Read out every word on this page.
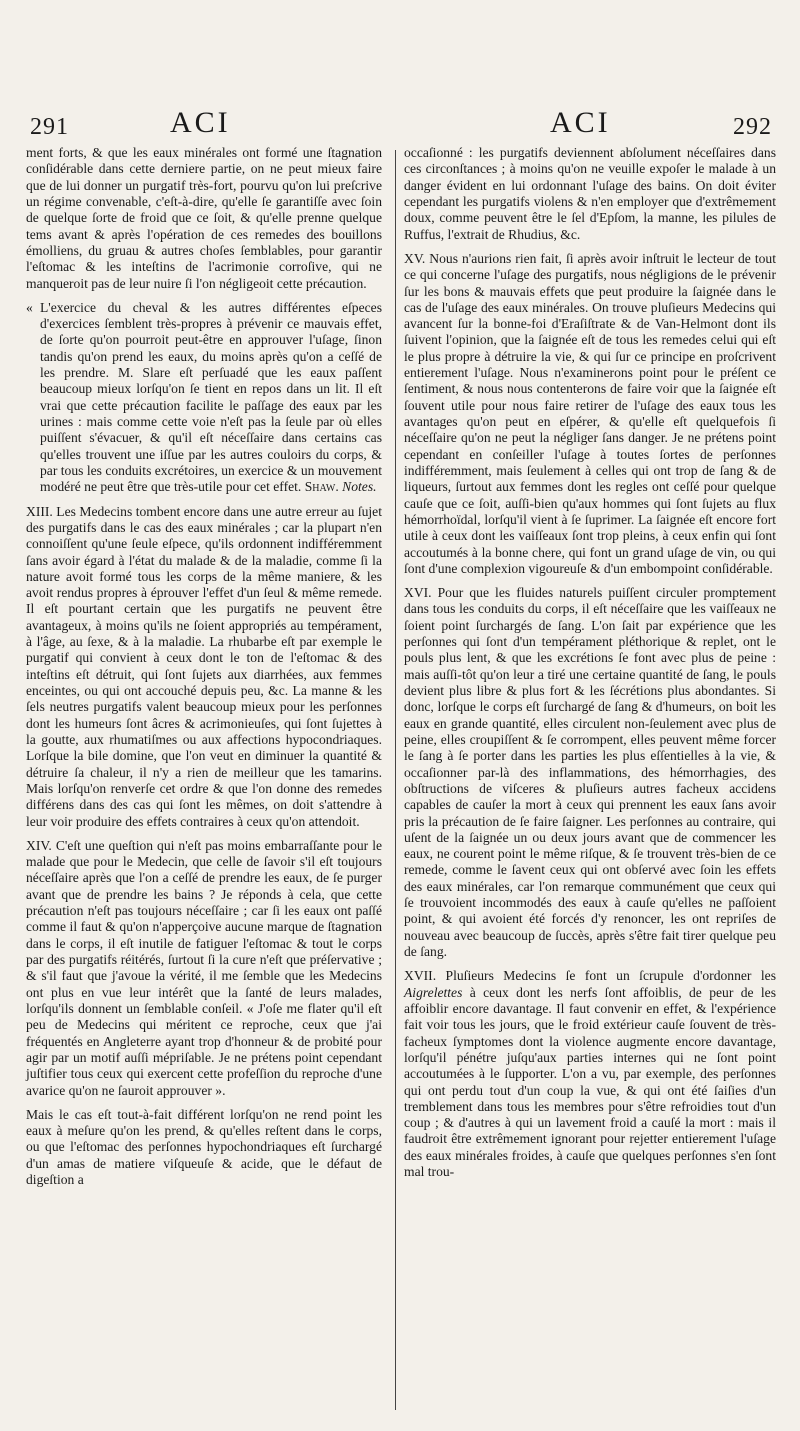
291	ACI	ACI	292

ment forts, & que les eaux minérales ont formé une ſtagnation conſidérable dans cette derniere partie, on ne peut mieux faire que de lui donner un purgatif très-fort, pourvu qu'on lui preſcrive un régime convenable, c'eſt-à-dire, qu'elle ſe garantiſſe avec ſoin de quelque ſorte de froid que ce ſoit, & qu'elle prenne quelque tems avant & après l'opération de ces remedes des bouillons émolliens, du gruau & autres choſes ſemblables, pour garantir l'eſtomac & les inteſtins de l'acrimonie corroſive, qui ne manqueroit pas de leur nuire ſi l'on négligeoit cette précaution.

« L'exercice du cheval & les autres différentes eſpeces d'exercices ſemblent très-propres à prévenir ce mauvais effet, de ſorte qu'on pourroit peut-être en approuver l'uſage, ſinon tandis qu'on prend les eaux, du moins après qu'on a ceſſé de les prendre. M. Slare eſt perſuadé que les eaux paſſent beaucoup mieux lorſqu'on ſe tient en repos dans un lit. Il eſt vrai que cette précaution facilite le paſſage des eaux par les urines : mais comme cette voie n'eſt pas la ſeule par où elles puiſſent s'évacuer, & qu'il eſt néceſſaire dans certains cas qu'elles trouvent une iſſue par les autres couloirs du corps, & par tous les conduits excrétoires, un exercice & un mouvement modéré ne peut être que très-utile pour cet effet. Shaw. Notes.

XIII. Les Medecins tombent encore dans une autre erreur au ſujet des purgatifs dans le cas des eaux minérales ; car la plupart n'en connoiſſent qu'une ſeule eſpece, qu'ils ordonnent indifféremment ſans avoir égard à l'état du malade & de la maladie, comme ſi la nature avoit formé tous les corps de la même maniere, & les avoit rendus propres à éprouver l'effet d'un ſeul & même remede. Il eſt pourtant certain que les purgatifs ne peuvent être avantageux, à moins qu'ils ne ſoient appropriés au tempérament, à l'âge, au ſexe, & à la maladie. La rhubarbe eſt par exemple le purgatif qui convient à ceux dont le ton de l'eſtomac & des inteſtins eſt détruit, qui ſont ſujets aux diarrhées, aux femmes enceintes, ou qui ont accouché depuis peu, &c. La manne & les ſels neutres purgatifs valent beaucoup mieux pour les perſonnes dont les humeurs ſont âcres & acrimonieuſes, qui ſont ſujettes à la goutte, aux rhumatiſmes ou aux affections hypocondriaques. Lorſque la bile domine, que l'on veut en diminuer la quantité & détruire ſa chaleur, il n'y a rien de meilleur que les tamarins. Mais lorſqu'on renverſe cet ordre & que l'on donne des remedes différens dans des cas qui ſont les mêmes, on doit s'attendre à leur voir produire des effets contraires à ceux qu'on attendoit.

XIV. C'eſt une queſtion qui n'eſt pas moins embarraſſante pour le malade que pour le Medecin, que celle de ſavoir s'il eſt toujours néceſſaire après que l'on a ceſſé de prendre les eaux, de ſe purger avant que de prendre les bains ? Je réponds à cela, que cette précaution n'eſt pas toujours néceſſaire ; car ſi les eaux ont paſſé comme il faut & qu'on n'apperçoive aucune marque de ſtagnation dans le corps, il eſt inutile de fatiguer l'eſtomac & tout le corps par des purgatifs réitérés, ſurtout ſi la cure n'eſt que préſervative ; & s'il faut que j'avoue la vérité, il me ſemble que les Medecins ont plus en vue leur intérêt que la ſanté de leurs malades, lorſqu'ils donnent un ſemblable conſeil. « J'oſe me flater qu'il eſt peu de Medecins qui méritent ce reproche, ceux que j'ai fréquentés en Angleterre ayant trop d'honneur & de probité pour agir par un motif auſſi mépriſable. Je ne prétens point cependant juſtifier tous ceux qui exercent cette profeſſion du reproche d'une avarice qu'on ne ſauroit approuver ».

Mais le cas eſt tout-à-fait différent lorſqu'on ne rend point les eaux à meſure qu'on les prend, & qu'elles reſtent dans le corps, ou que l'eſtomac des perſonnes hypochondriaques eſt ſurchargé d'un amas de matiere viſqueuſe & acide, que le défaut de digeſtion a

occaſionné : les purgatifs deviennent abſolument néceſſaires dans ces circonſtances ; à moins qu'on ne veuille expoſer le malade à un danger évident en lui ordonnant l'uſage des bains. On doit éviter cependant les purgatifs violens & n'en employer que d'extrêmement doux, comme peuvent être le ſel d'Epſom, la manne, les pilules de Ruffus, l'extrait de Rhudius, &c.

XV. Nous n'aurions rien fait, ſi après avoir inſtruit le lecteur de tout ce qui concerne l'uſage des purgatifs, nous négligions de le prévenir ſur les bons & mauvais effets que peut produire la ſaignée dans le cas de l'uſage des eaux minérales. On trouve pluſieurs Medecins qui avancent ſur la bonne-foi d'Eraſiſtrate & de Van-Helmont dont ils ſuivent l'opinion, que la ſaignée eſt de tous les remedes celui qui eſt le plus propre à détruire la vie, & qui ſur ce principe en proſcrivent entierement l'uſage. Nous n'examinerons point pour le préſent ce ſentiment, & nous nous contenterons de faire voir que la ſaignée eſt ſouvent utile pour nous faire retirer de l'uſage des eaux tous les avantages qu'on peut en eſpérer, & qu'elle eſt quelquefois ſi néceſſaire qu'on ne peut la négliger ſans danger. Je ne prétens point cependant en conſeiller l'uſage à toutes ſortes de perſonnes indifféremment, mais ſeulement à celles qui ont trop de ſang & de liqueurs, ſurtout aux femmes dont les regles ont ceſſé pour quelque cauſe que ce ſoit, auſſi-bien qu'aux hommes qui ſont ſujets au flux hémorrhoïdal, lorſqu'il vient à ſe ſuprimer. La ſaignée eſt encore fort utile à ceux dont les vaiſſeaux ſont trop pleins, à ceux enfin qui ſont accoutumés à la bonne chere, qui font un grand uſage de vin, ou qui ſont d'une complexion vigoureuſe & d'un embompoint conſidérable.

XVI. Pour que les fluides naturels puiſſent circuler promptement dans tous les conduits du corps, il eſt néceſſaire que les vaiſſeaux ne ſoient point ſurchargés de ſang. L'on ſait par expérience que les perſonnes qui ſont d'un tempérament pléthorique & replet, ont le pouls plus lent, & que les excrétions ſe font avec plus de peine : mais auſſi-tôt qu'on leur a tiré une certaine quantité de ſang, le pouls devient plus libre & plus fort & les ſécrétions plus abondantes. Si donc, lorſque le corps eſt ſurchargé de ſang & d'humeurs, on boit les eaux en grande quantité, elles circulent non-ſeulement avec plus de peine, elles croupiſſent & ſe corrompent, elles peuvent même forcer le ſang à ſe porter dans les parties les plus eſſentielles à la vie, & occaſionner par-là des inflammations, des hémorrhagies, des obſtructions de viſceres & pluſieurs autres facheux accidens capables de cauſer la mort à ceux qui prennent les eaux ſans avoir pris la précaution de ſe faire ſaigner. Les perſonnes au contraire, qui uſent de la ſaignée un ou deux jours avant que de commencer les eaux, ne courent point le même riſque, & ſe trouvent très-bien de ce remede, comme le ſavent ceux qui ont obſervé avec ſoin les effets des eaux minérales, car l'on remarque communément que ceux qui ſe trouvoient incommodés des eaux à cauſe qu'elles ne paſſoient point, & qui avoient été forcés d'y renoncer, les ont repriſes de nouveau avec beaucoup de ſuccès, après s'être fait tirer quelque peu de ſang.

XVII. Pluſieurs Medecins ſe font un ſcrupule d'ordonner les Aigrelettes à ceux dont les nerfs ſont affoiblis, de peur de les affoiblir encore davantage. Il faut convenir en effet, & l'expérience fait voir tous les jours, que le froid extérieur cauſe ſouvent de très-facheux ſymptomes dont la violence augmente encore davantage, lorſqu'il pénétre juſqu'aux parties internes qui ne ſont point accoutumées à le ſupporter. L'on a vu, par exemple, des perſonnes qui ont perdu tout d'un coup la vue, & qui ont été ſaiſies d'un tremblement dans tous les membres pour s'être refroidies tout d'un coup ; & d'autres à qui un lavement froid a cauſé la mort : mais il faudroit être extrêmement ignorant pour rejetter entierement l'uſage des eaux minérales froides, à cauſe que quelques perſonnes s'en ſont mal trou-
